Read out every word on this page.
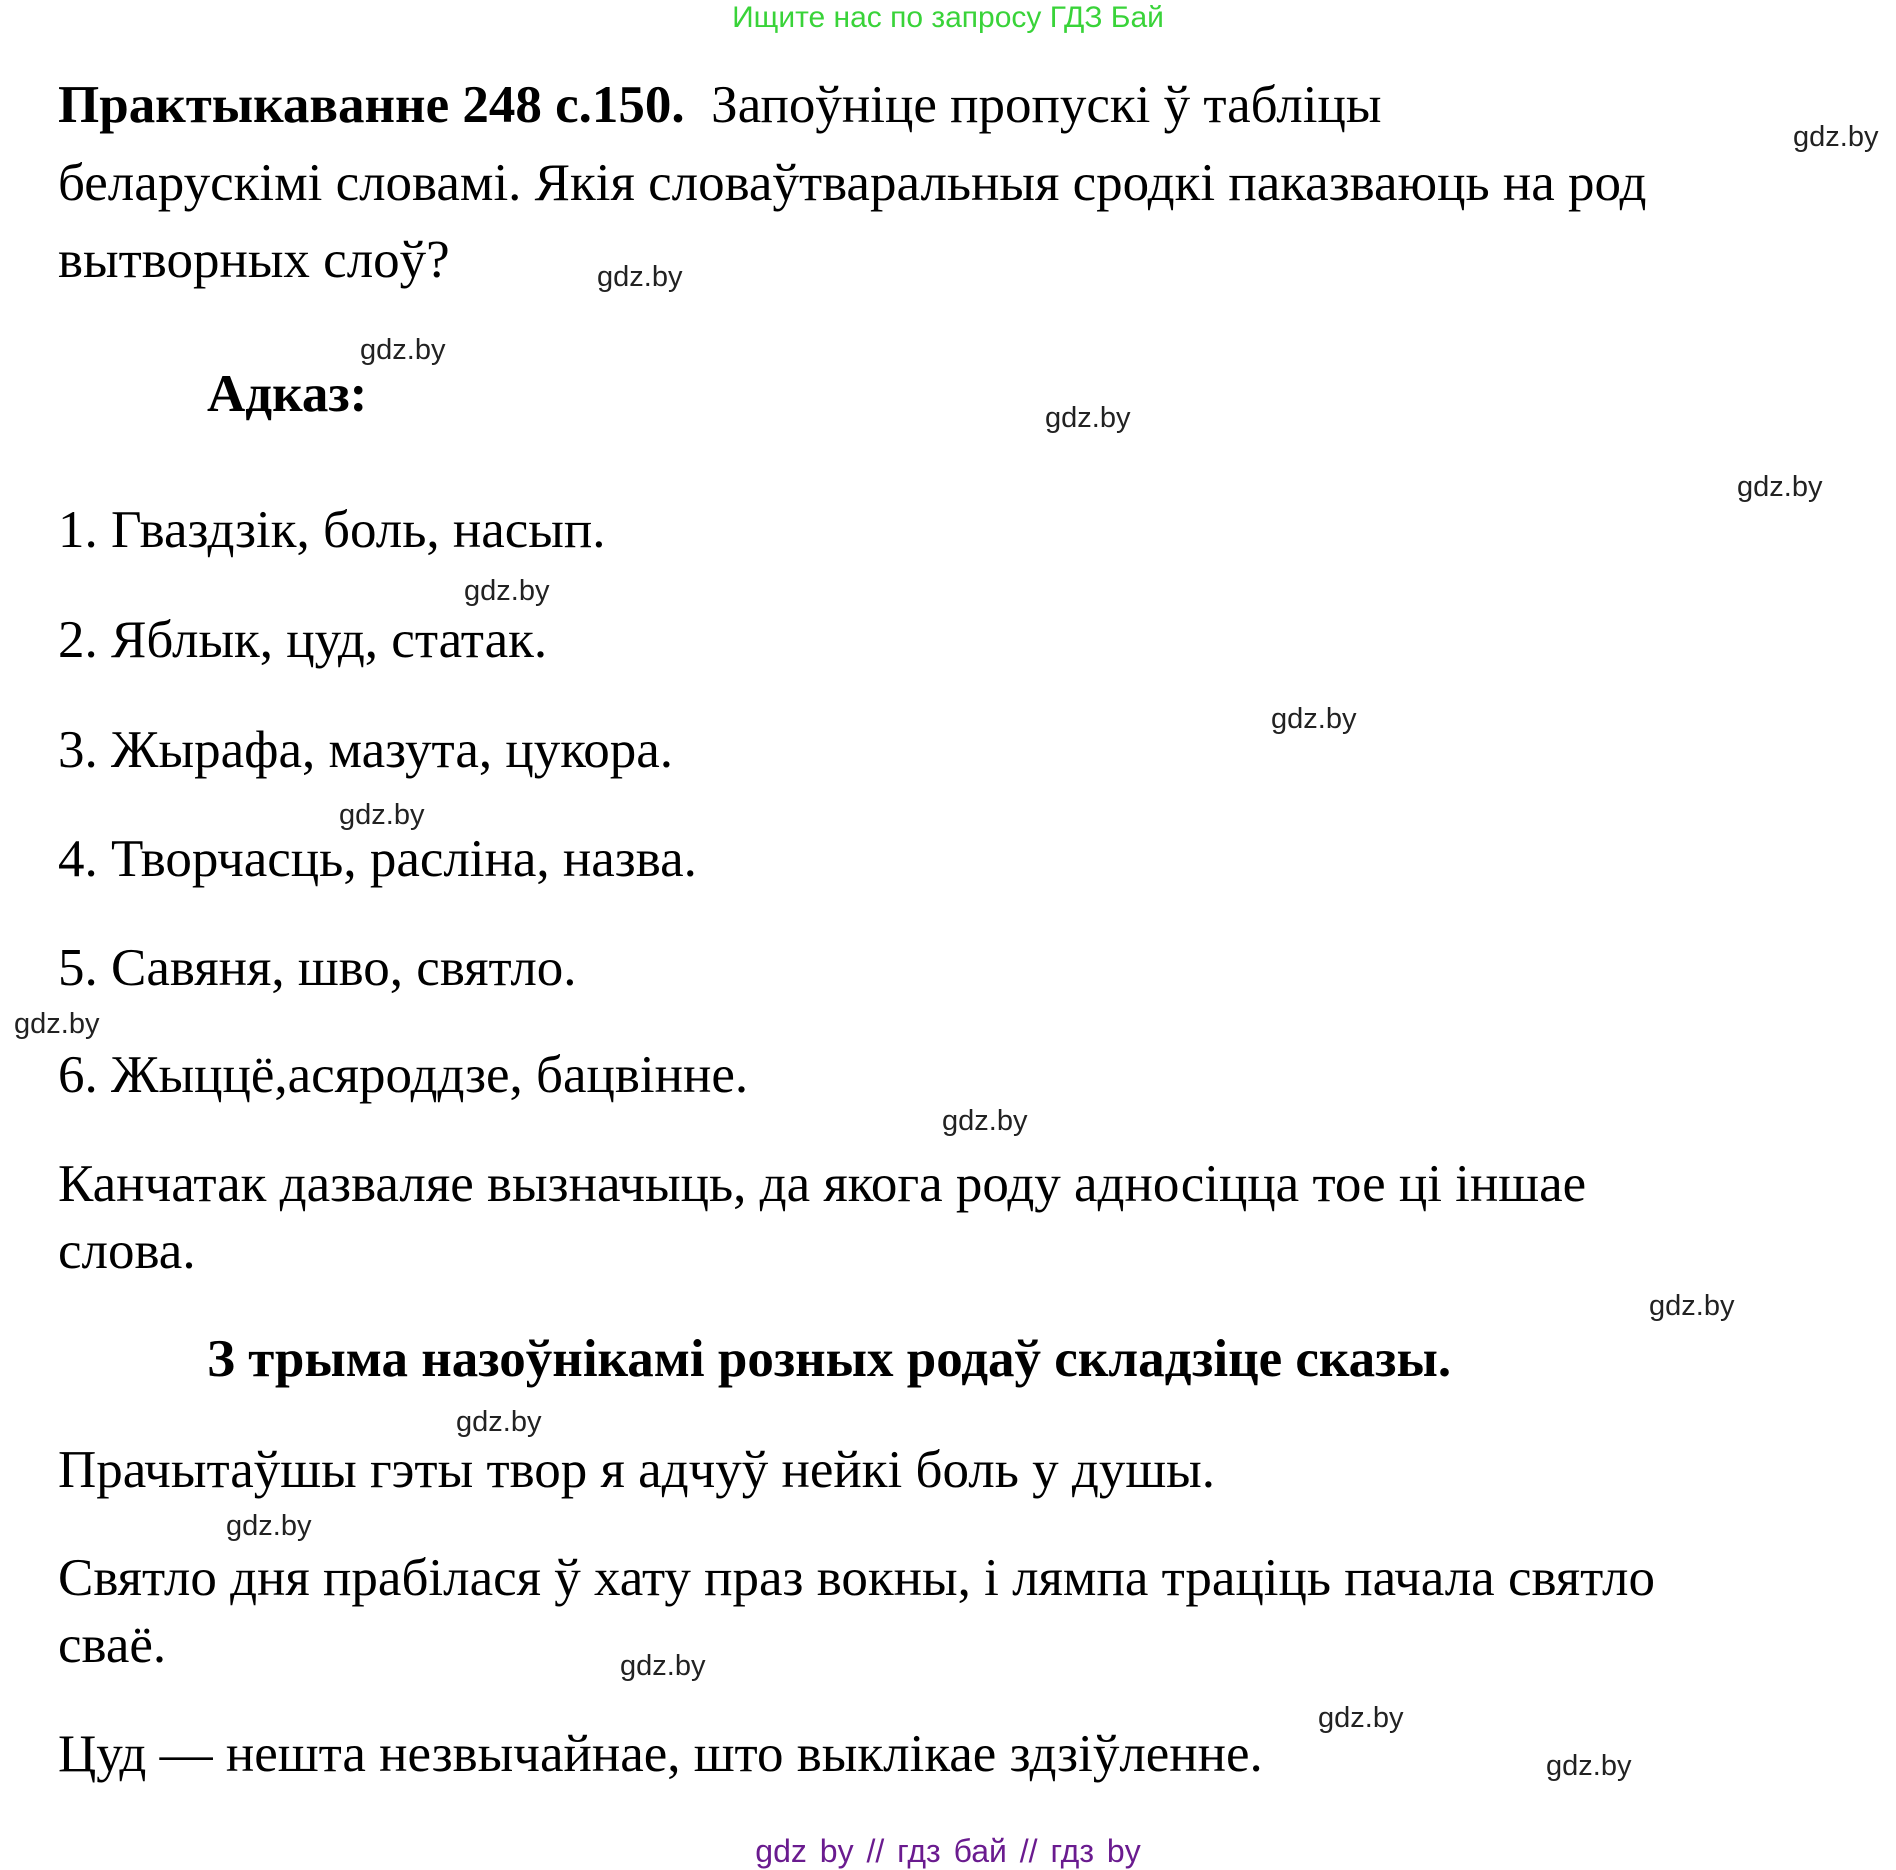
Ищите нас по запросу ГДЗ Бай
Практыкаванне 248 с.150. Запоўніце пропускі ў табліцы
беларускімі словамі. Якія словаўтваральныя сродкі паказваюць на род
вытворных слоў?
Адказ:
1. Гваздзік, боль, насып.
2. Яблык, цуд, статак.
3. Жырафа, мазута, цукора.
4. Творчасць, расліна, назва.
5. Савяня, шво, святло.
6. Жыццё,асяроддзе, бацвінне.
Канчатак дазваляе вызначыць, да якога роду адносіцца тое ці іншае
слова.
З трыма назоўнікамі розных родаў складзіце сказы.
Прачытаўшы гэты твор я адчуў нейкі боль у душы.
Святло дня прабілася ў хату праз вокны, і лямпа траціць пачала святло
сваё.
Цуд — нешта незвычайнае, што выклікае здзіўленне.
gdz.by
gdz.by
gdz.by
gdz.by
gdz.by
gdz.by
gdz.by
gdz.by
gdz.by
gdz.by
gdz.by
gdz.by
gdz.by
gdz.by
gdz.by
gdz.by
gdz by // гдз бай // гдз by
